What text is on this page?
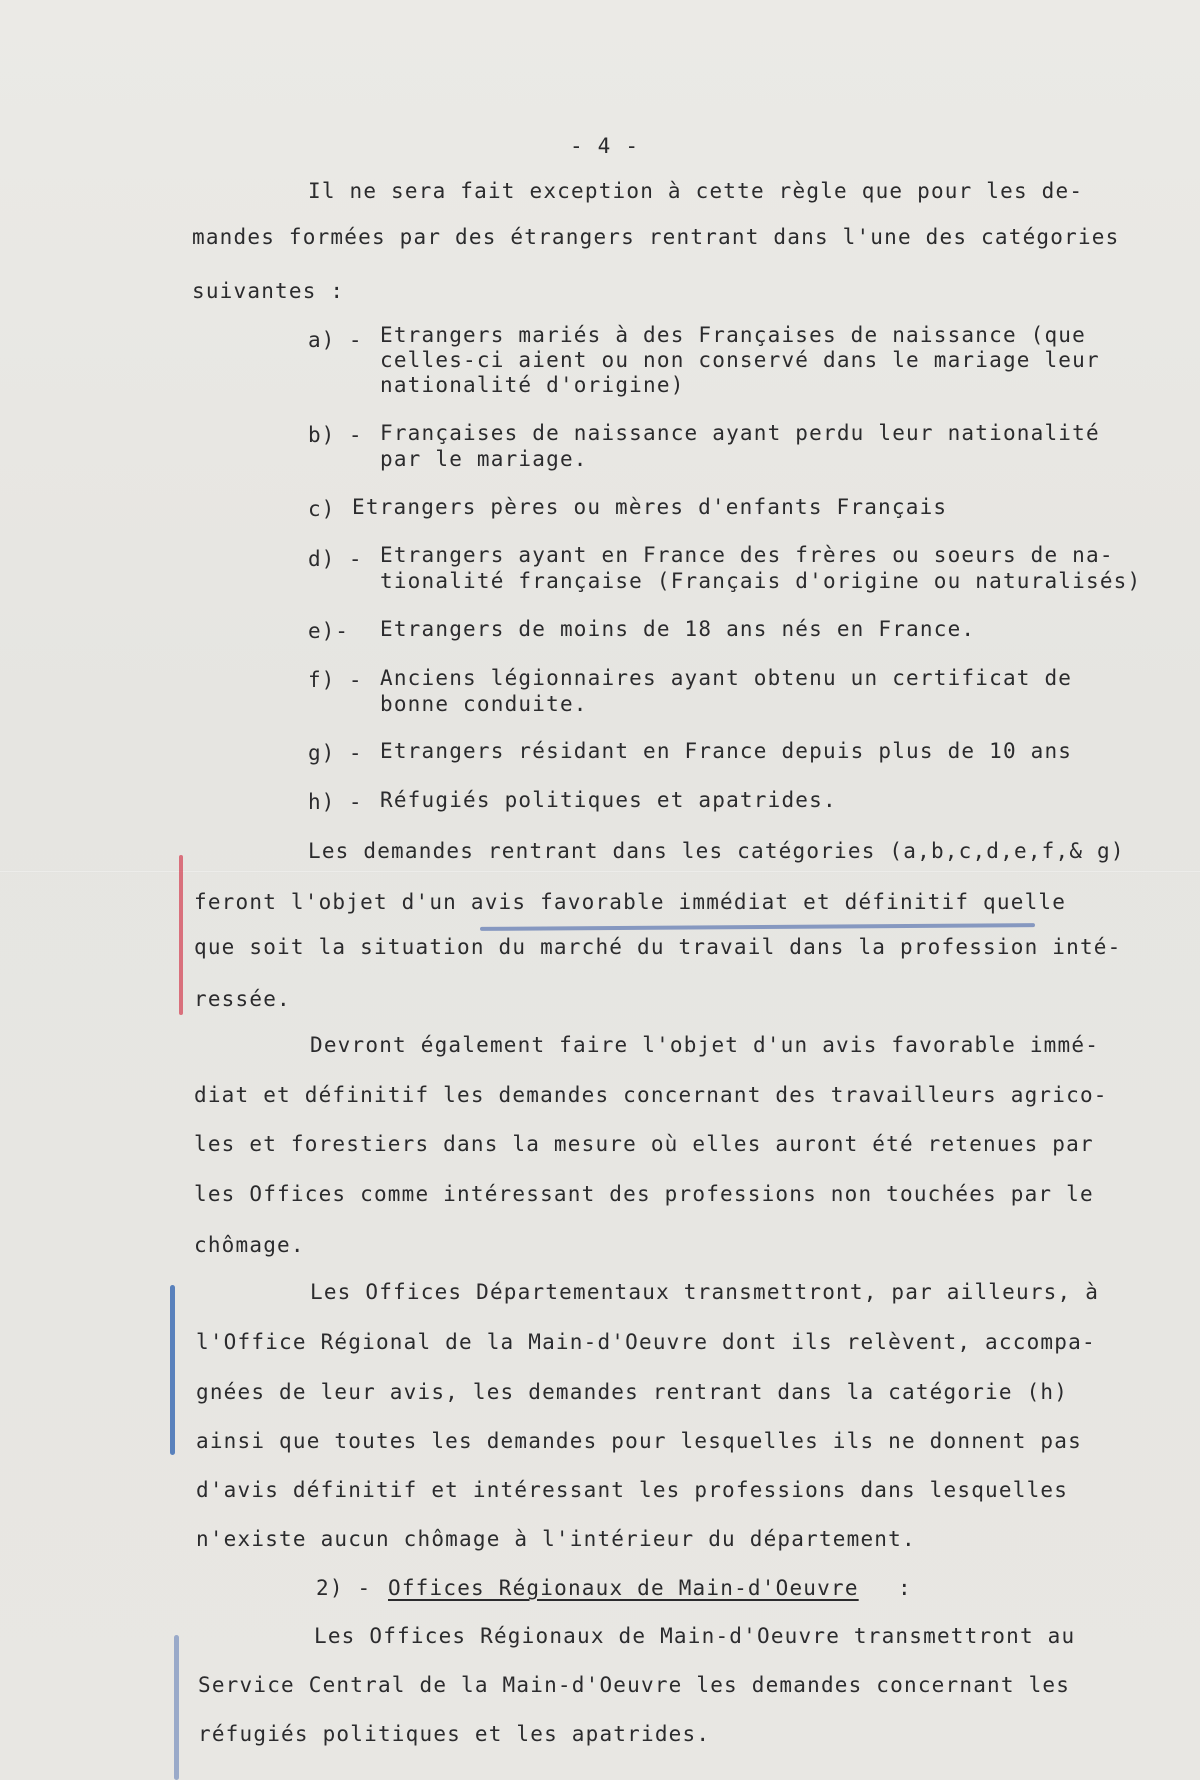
- 4 -
Il ne sera fait exception à cette règle que pour les de-
mandes formées par des étrangers rentrant dans l'une des catégories
suivantes :
a) - Etrangers mariés à des Françaises de naissance (que
celles-ci aient ou non conservé dans le mariage leur
nationalité d'origine)
b) - Françaises de naissance ayant perdu leur nationalité
par le mariage.
c) Etrangers pères ou mères d'enfants Français
d) - Etrangers ayant en France des frères ou soeurs de na-
tionalité française (Français d'origine ou naturalisés)
e)- Etrangers de moins de 18 ans nés en France.
f) - Anciens légionnaires ayant obtenu un certificat de
bonne conduite.
g) - Etrangers résidant en France depuis plus de 10 ans
h) - Réfugiés politiques et apatrides.
Les demandes rentrant dans les catégories (a,b,c,d,e,f,& g)
feront l'objet d'un avis favorable immédiat et définitif quelle
que soit la situation du marché du travail dans la profession inté-
ressée.
Devront également faire l'objet d'un avis favorable immé-
diat et définitif les demandes concernant des travailleurs agrico-
les et forestiers dans la mesure où elles auront été retenues par
les Offices comme intéressant des professions non touchées par le
chômage.
Les Offices Départementaux transmettront, par ailleurs, à
l'Office Régional de la Main-d'Oeuvre dont ils relèvent, accompa-
gnées de leur avis, les demandes rentrant dans la catégorie (h)
ainsi que toutes les demandes pour lesquelles ils ne donnent pas
d'avis définitif et intéressant les professions dans lesquelles
n'existe aucun chômage à l'intérieur du département.
2) - Offices Régionaux de Main-d'Oeuvre :
Les Offices Régionaux de Main-d'Oeuvre transmettront au
Service Central de la Main-d'Oeuvre les demandes concernant les
réfugiés politiques et les apatrides.
